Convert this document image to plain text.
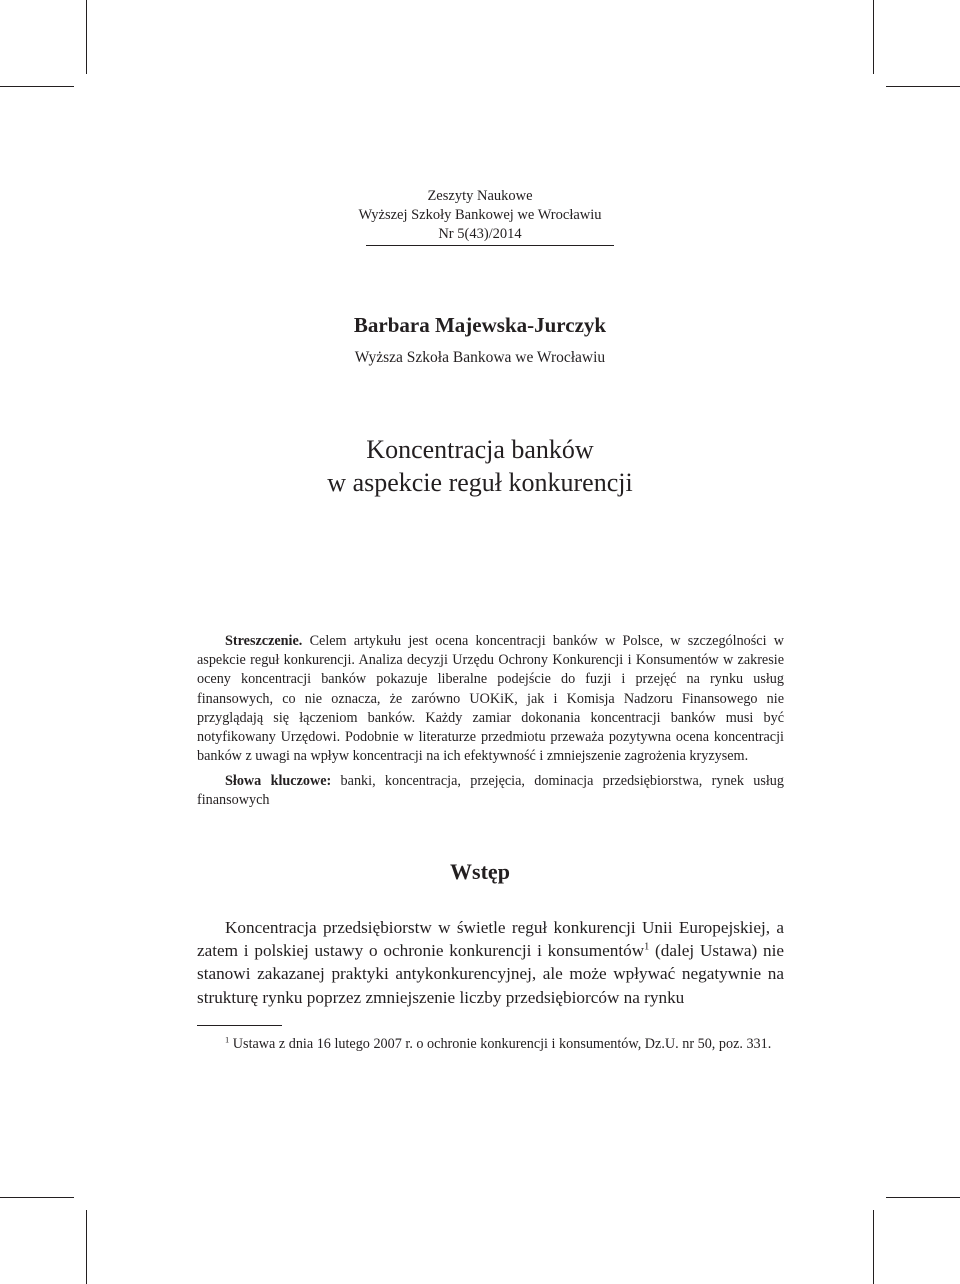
Zeszyty Naukowe
Wyższej Szkoły Bankowej we Wrocławiu
Nr 5(43)/2014
Barbara Majewska-Jurczyk
Wyższa Szkoła Bankowa we Wrocławiu
Koncentracja banków
w aspekcie reguł konkurencji

Streszczenie. Celem artykułu jest ocena koncentracji banków w Polsce, w szczególności w aspekcie reguł konkurencji. Analiza decyzji Urzędu Ochrony Konkurencji i Konsumentów w zakresie oceny koncentracji banków pokazuje liberalne podejście do fuzji i przejęć na rynku usług finansowych, co nie oznacza, że zarówno UOKiK, jak i Komisja Nadzoru Finansowego nie przyglądają się łączeniom banków. Każdy zamiar dokonania koncentracji banków musi być notyfikowany Urzędowi. Podobnie w literaturze przedmiotu przeważa pozytywna ocena koncentracji banków z uwagi na wpływ koncentracji na ich efektywność i zmniejszenie zagrożenia kryzysem.

Słowa kluczowe: banki, koncentracja, przejęcia, dominacja przedsiębiorstwa, rynek usług finansowych

Wstęp

Koncentracja przedsiębiorstw w świetle reguł konkurencji Unii Europejskiej, a zatem i polskiej ustawy o ochronie konkurencji i konsumentów$^1$ (dalej Ustawa) nie stanowi zakazanej praktyki antykonkurencyjnej, ale może wpływać negatywnie na strukturę rynku poprzez zmniejszenie liczby przedsiębiorców na rynku

$^1$ Ustawa z dnia 16 lutego 2007 r. o ochronie konkurencji i konsumentów, Dz.U. nr 50, poz. 331.
